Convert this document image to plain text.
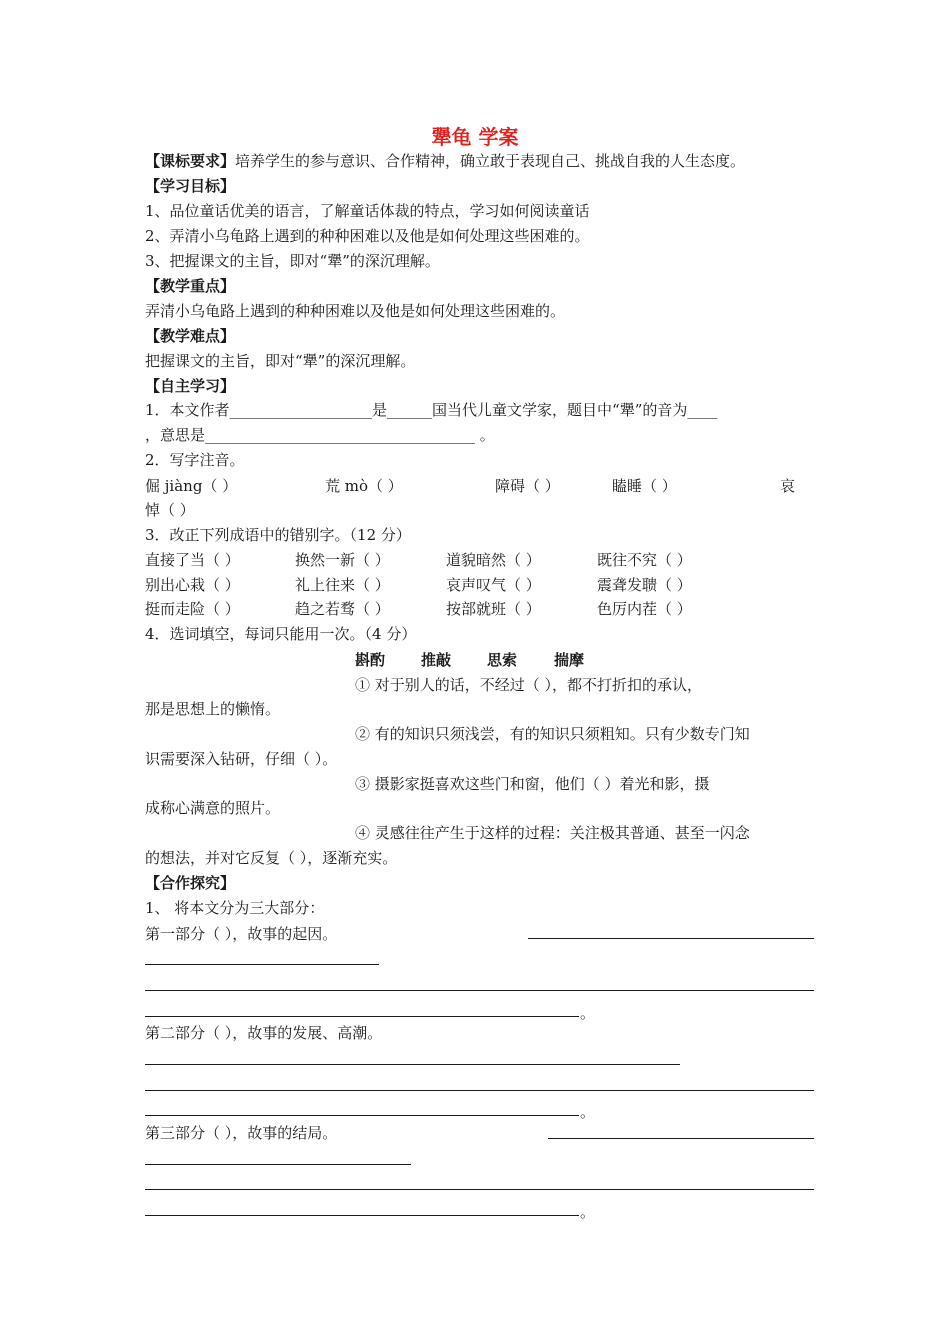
犟龟 学案
【课标要求】培养学生的参与意识、合作精神，确立敢于表现自己、挑战自我的人生态度。
【学习目标】
1、品位童话优美的语言，了解童话体裁的特点，学习如何阅读童话
2、弄清小乌龟路上遇到的种种困难以及他是如何处理这些困难的。
3、把握课文的主旨，即对“犟”的深沉理解。
【教学重点】
弄清小乌龟路上遇到的种种困难以及他是如何处理这些困难的。
【教学难点】
把握课文的主旨，即对“犟”的深沉理解。
【自主学习】
1．本文作者___________________是______国当代儿童文学家，题目中“犟”的音为____
，意思是____________________________________ 。
2．写字注音。
倔 jiàng（ ）	荒 mò（ ）	障碍（ ）	瞌睡（ ）	哀
悼（ ）
3．改正下列成语中的错别字。（12 分）
直接了当（ ）	换然一新（ ）	道貌暗然（ ）	既往不究（ ）
别出心栽（ ）	礼上往来（ ）	哀声叹气（ ）	震聋发聩（ ）
挺而走险（ ）	趋之若骛（ ）	按部就班（ ）	色厉内茬（ ）
4．选词填空，每词只能用一次。（4 分）
斟酌 推敲 思索 揣摩
① 对于别人的话，不经过（ ），都不打折扣的承认，
那是思想上的懒惰。
② 有的知识只须浅尝，有的知识只须粗知。只有少数专门知
识需要深入钻研，仔细（ ）。
③ 摄影家挺喜欢这些门和窗，他们（ ）着光和影，摄
成称心满意的照片。
④ 灵感往往产生于这样的过程：关注极其普通、甚至一闪念
的想法，并对它反复（ ），逐渐充实。
【合作探究】
1、 将本文分为三大部分：
第一部分（ ），故事的起因。
。
第二部分（ ），故事的发展、高潮。
。
第三部分（ ），故事的结局。
。
